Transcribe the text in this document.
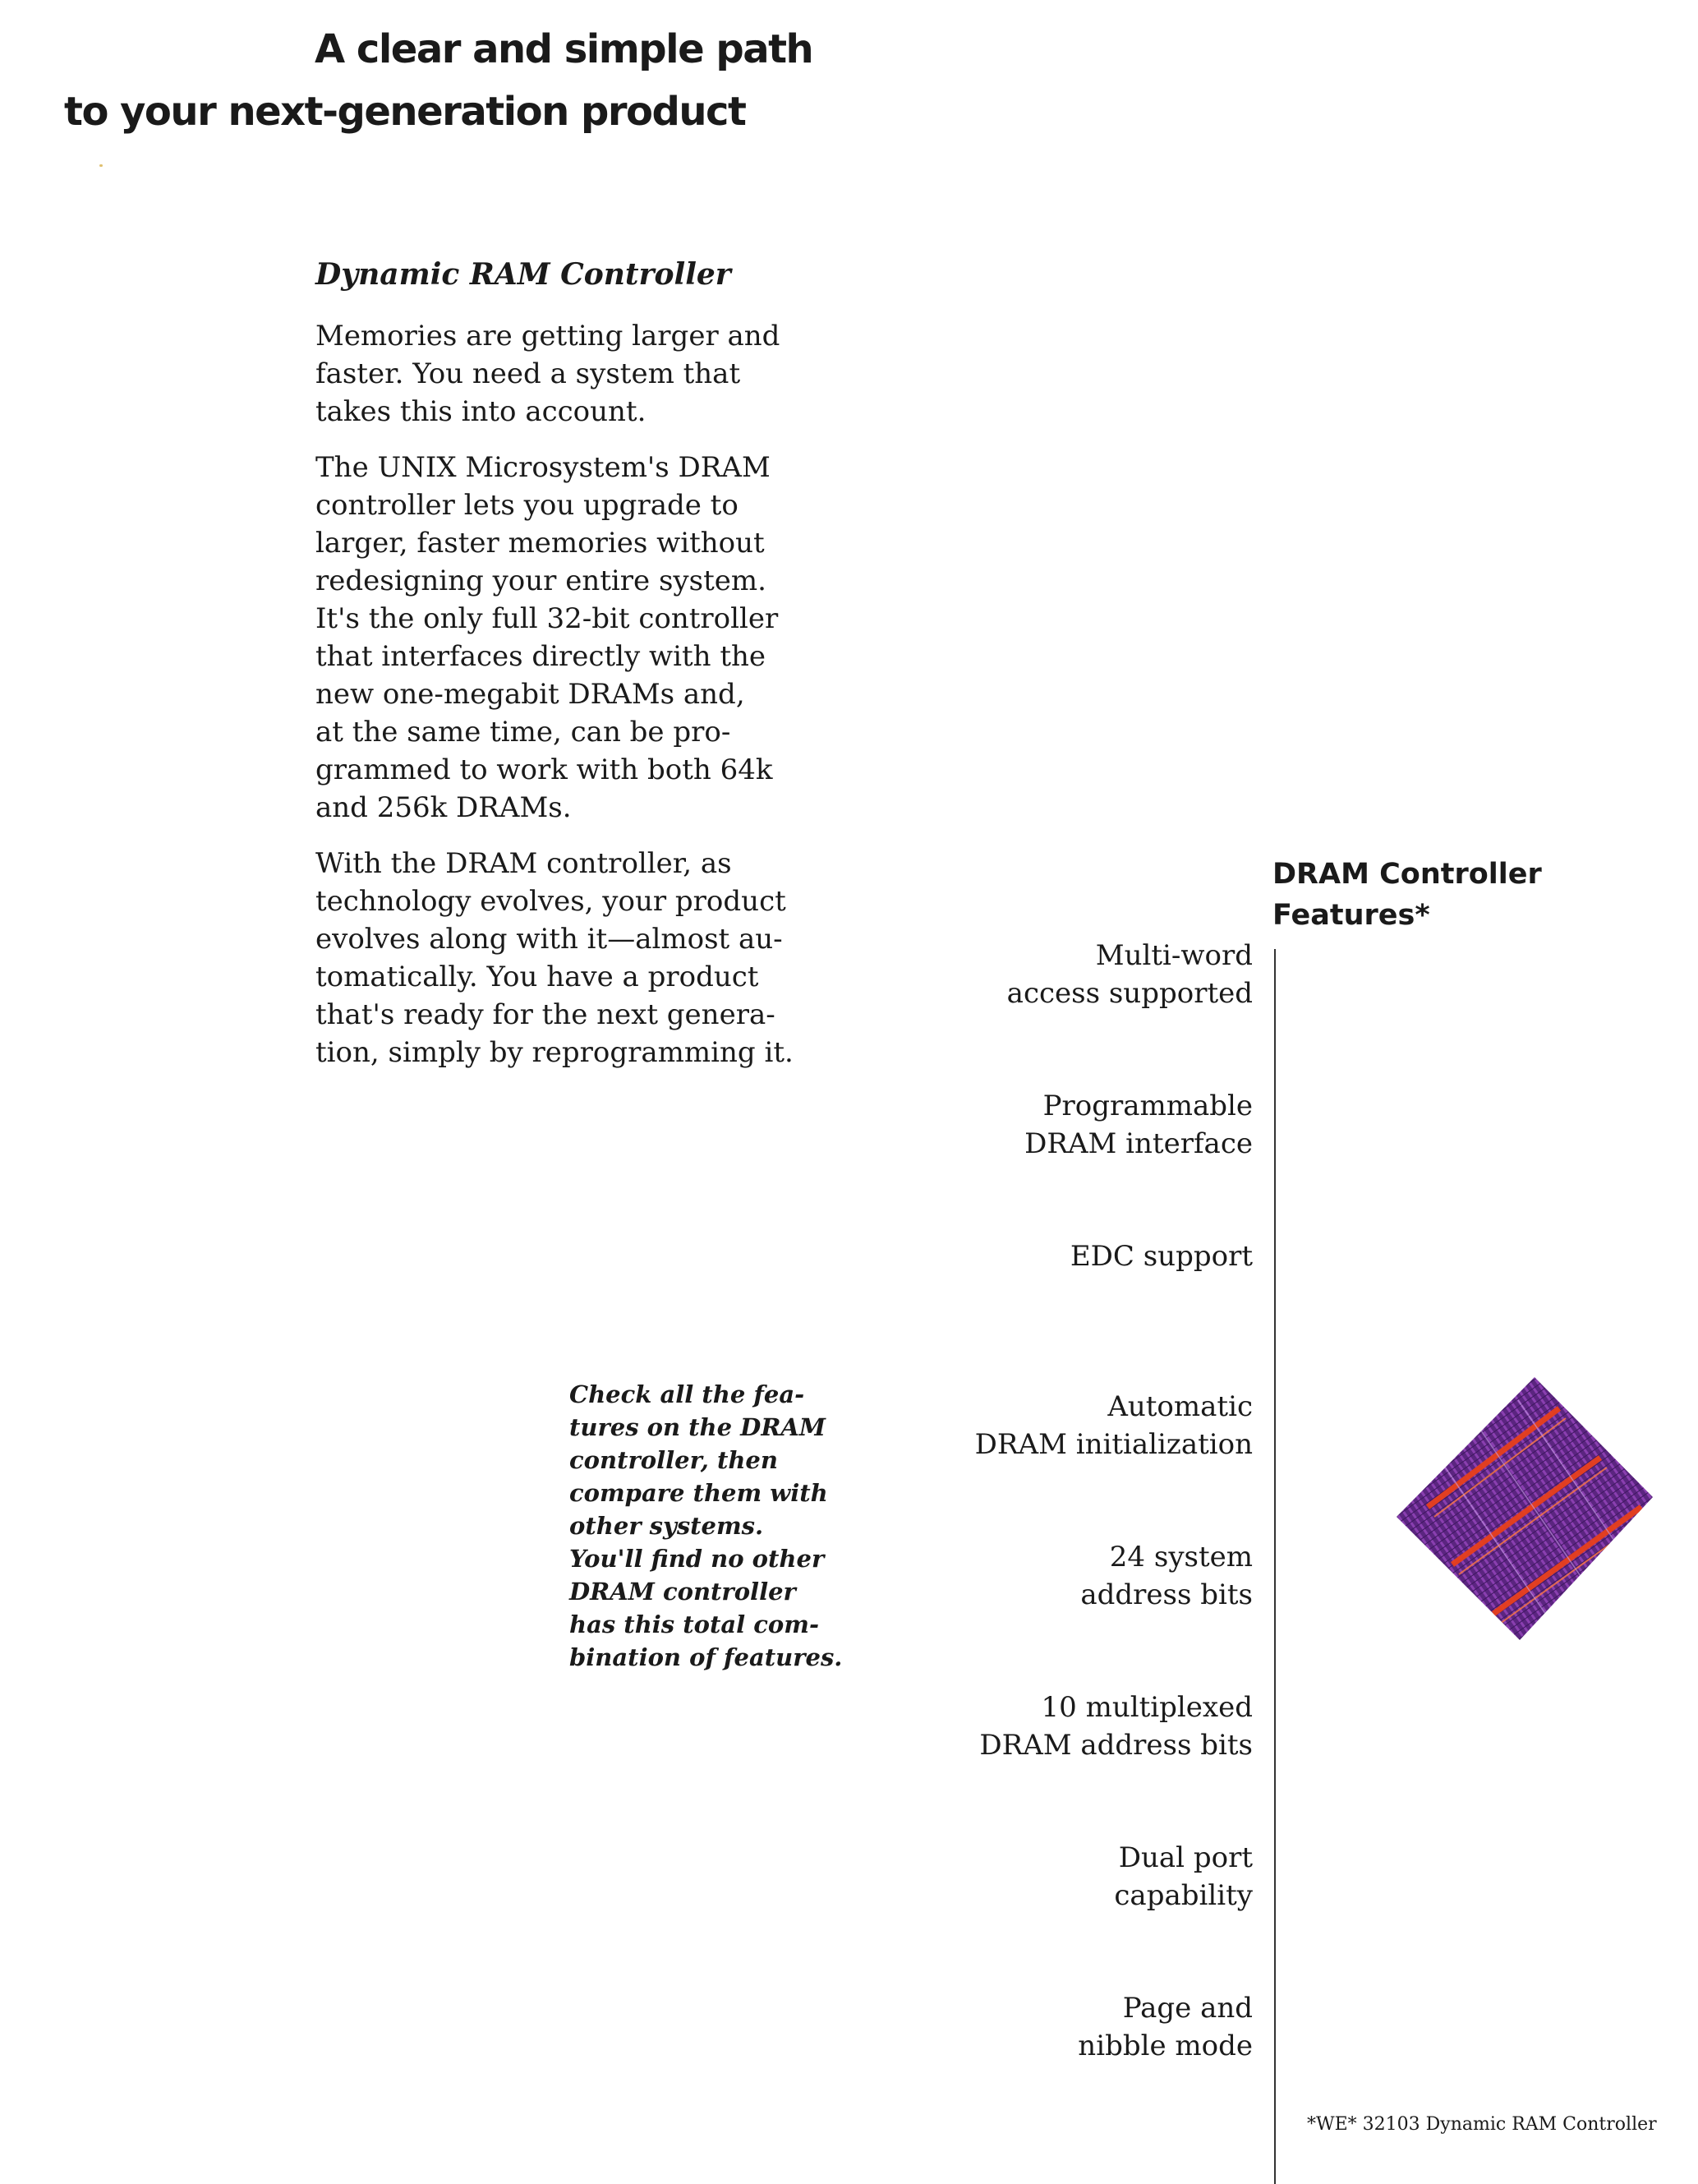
A clear and simple path
to your next-generation product
Dynamic RAM Controller

Memories are getting larger and
faster. You need a system that
takes this into account.

The UNIX Microsystem's DRAM
controller lets you upgrade to
larger, faster memories without
redesigning your entire system.
It's the only full 32-bit controller
that interfaces directly with the
new one-megabit DRAMs and,
at the same time, can be pro-
grammed to work with both 64k
and 256k DRAMs.

With the DRAM controller, as
technology evolves, your product
evolves along with it—almost au-
tomatically. You have a product
that's ready for the next genera-
tion, simply by reprogramming it.

Check all the fea-
tures on the DRAM
controller, then
compare them with
other systems.
You'll find no other
DRAM controller
has this total com-
bination of features.

DRAM Controller
Features*
Multi-word
access supported
Programmable
DRAM interface
EDC support
Automatic
DRAM initialization
24 system
address bits
10 multiplexed
DRAM address bits
Dual port
capability
Page and
nibble mode

*WE* 32103 Dynamic RAM Controller
